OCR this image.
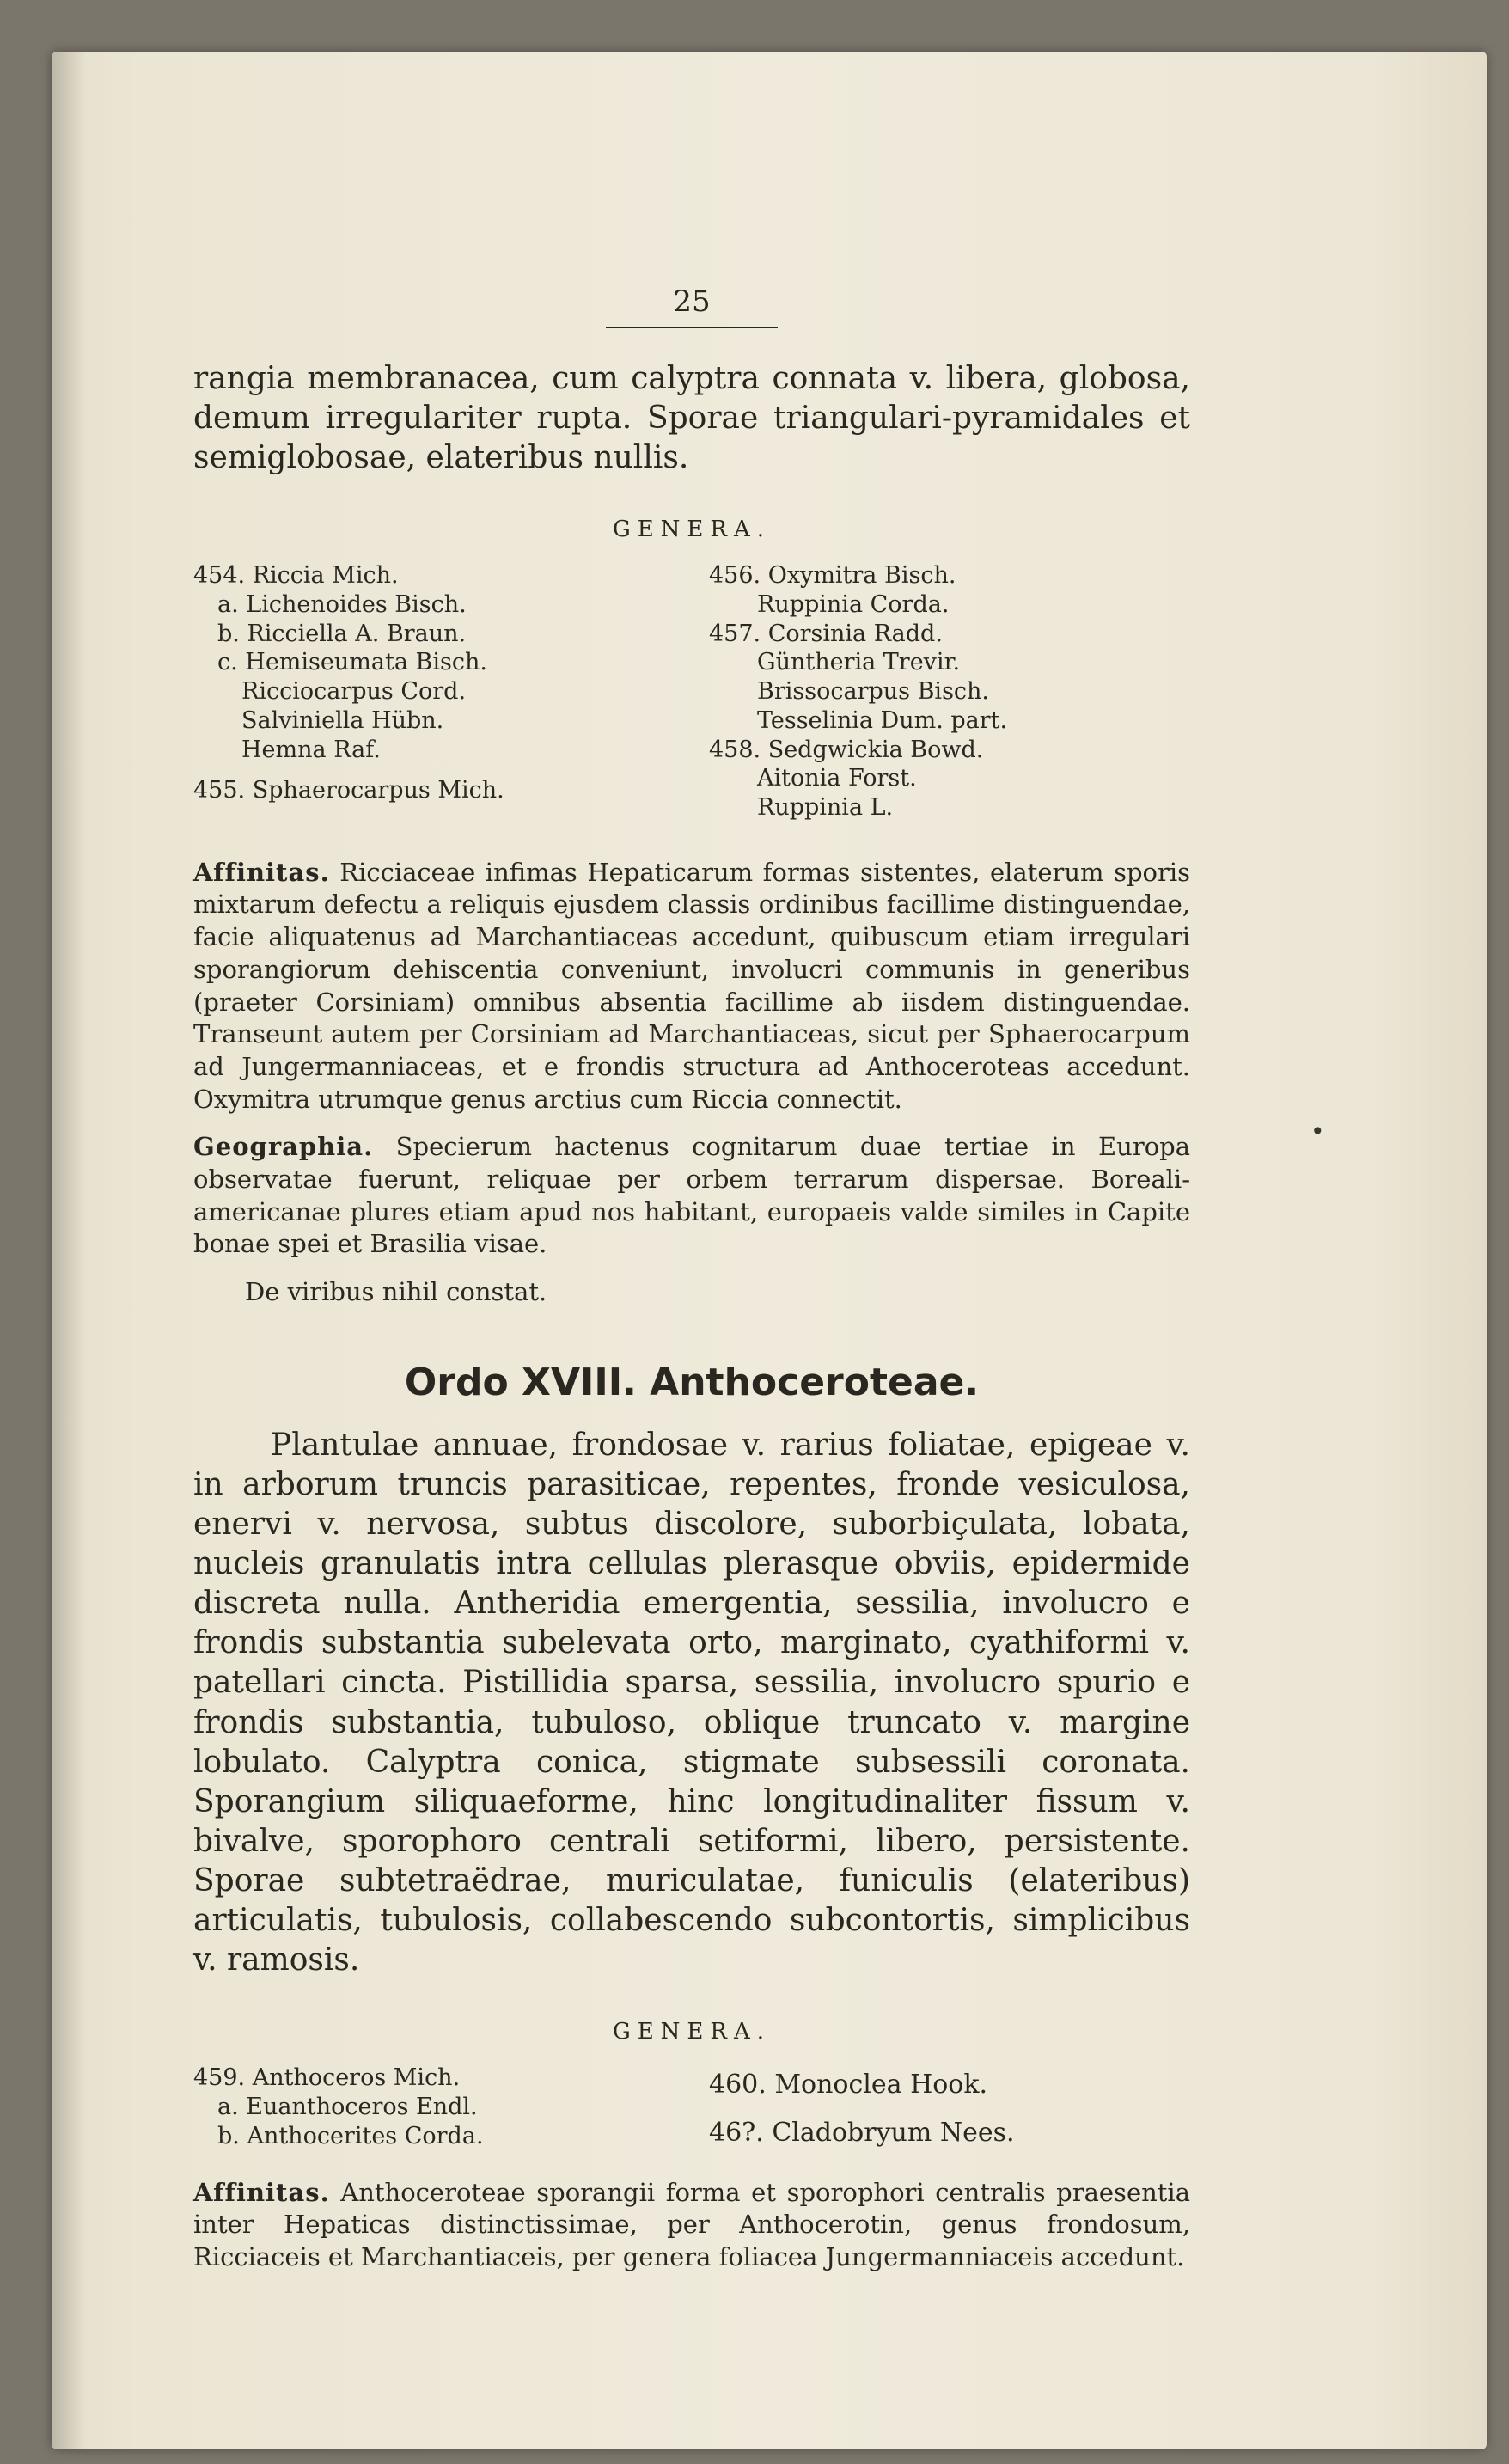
25

rangia membranacea, cum calyptra connata v. libera, globosa, demum irregulariter rupta. Sporae triangulari-pyramidales et semiglobosae, elateribus nullis.

GENERA.
454. Riccia Mich.
a. Lichenoides Bisch.
b. Ricciella A. Braun.
c. Hemiseumata Bisch.
Ricciocarpus Cord.
Salviniella Hübn.
Hemna Raf.
455. Sphaerocarpus Mich.
456. Oxymitra Bisch.
Ruppinia Corda.
457. Corsinia Radd.
Güntheria Trevir.
Brissocarpus Bisch.
Tesselinia Dum. part.
458. Sedgwickia Bowd.
Aitonia Forst.
Ruppinia L.

Affinitas. Ricciaceae infimas Hepaticarum formas sistentes, elaterum sporis mixtarum defectu a reliquis ejusdem classis ordinibus facillime distinguendae, facie aliquatenus ad Marchantiaceas accedunt, quibuscum etiam irregulari sporangiorum dehiscentia conveniunt, involucri communis in generibus (praeter Corsiniam) omnibus absentia facillime ab iisdem distinguendae. Transeunt autem per Corsiniam ad Marchantiaceas, sicut per Sphaerocarpum ad Jungermanniaceas, et e frondis structura ad Anthoceroteas accedunt. Oxymitra utrumque genus arctius cum Riccia connectit.

Geographia. Specierum hactenus cognitarum duae tertiae in Europa observatae fuerunt, reliquae per orbem terrarum dispersae. Boreali-americanae plures etiam apud nos habitant, europaeis valde similes in Capite bonae spei et Brasilia visae.

De viribus nihil constat.

Ordo XVIII. Anthoceroteae.

Plantulae annuae, frondosae v. rarius foliatae, epigeae v. in arborum truncis parasiticae, repentes, fronde vesiculosa, enervi v. nervosa, subtus discolore, suborbiçulata, lobata, nucleis granulatis intra cellulas plerasque obviis, epidermide discreta nulla. Antheridia emergentia, sessilia, involucro e frondis substantia subelevata orto, marginato, cyathiformi v. patellari cincta. Pistillidia sparsa, sessilia, involucro spurio e frondis substantia, tubuloso, oblique truncato v. margine lobulato. Calyptra conica, stigmate subsessili coronata. Sporangium siliquaeforme, hinc longitudinaliter fissum v. bivalve, sporophoro centrali setiformi, libero, persistente. Sporae subtetraëdrae, muriculatae, funiculis (elateribus) articulatis, tubulosis, collabescendo subcontortis, simplicibus v. ramosis.

GENERA.
459. Anthoceros Mich.
a. Euanthoceros Endl.
b. Anthocerites Corda.
460. Monoclea Hook.
46?. Cladobryum Nees.

Affinitas. Anthoceroteae sporangii forma et sporophori centralis praesentia inter Hepaticas distinctissimae, per Anthocerotin, genus frondosum, Ricciaceis et Marchantiaceis, per genera foliacea Jungermanniaceis accedunt.

•
